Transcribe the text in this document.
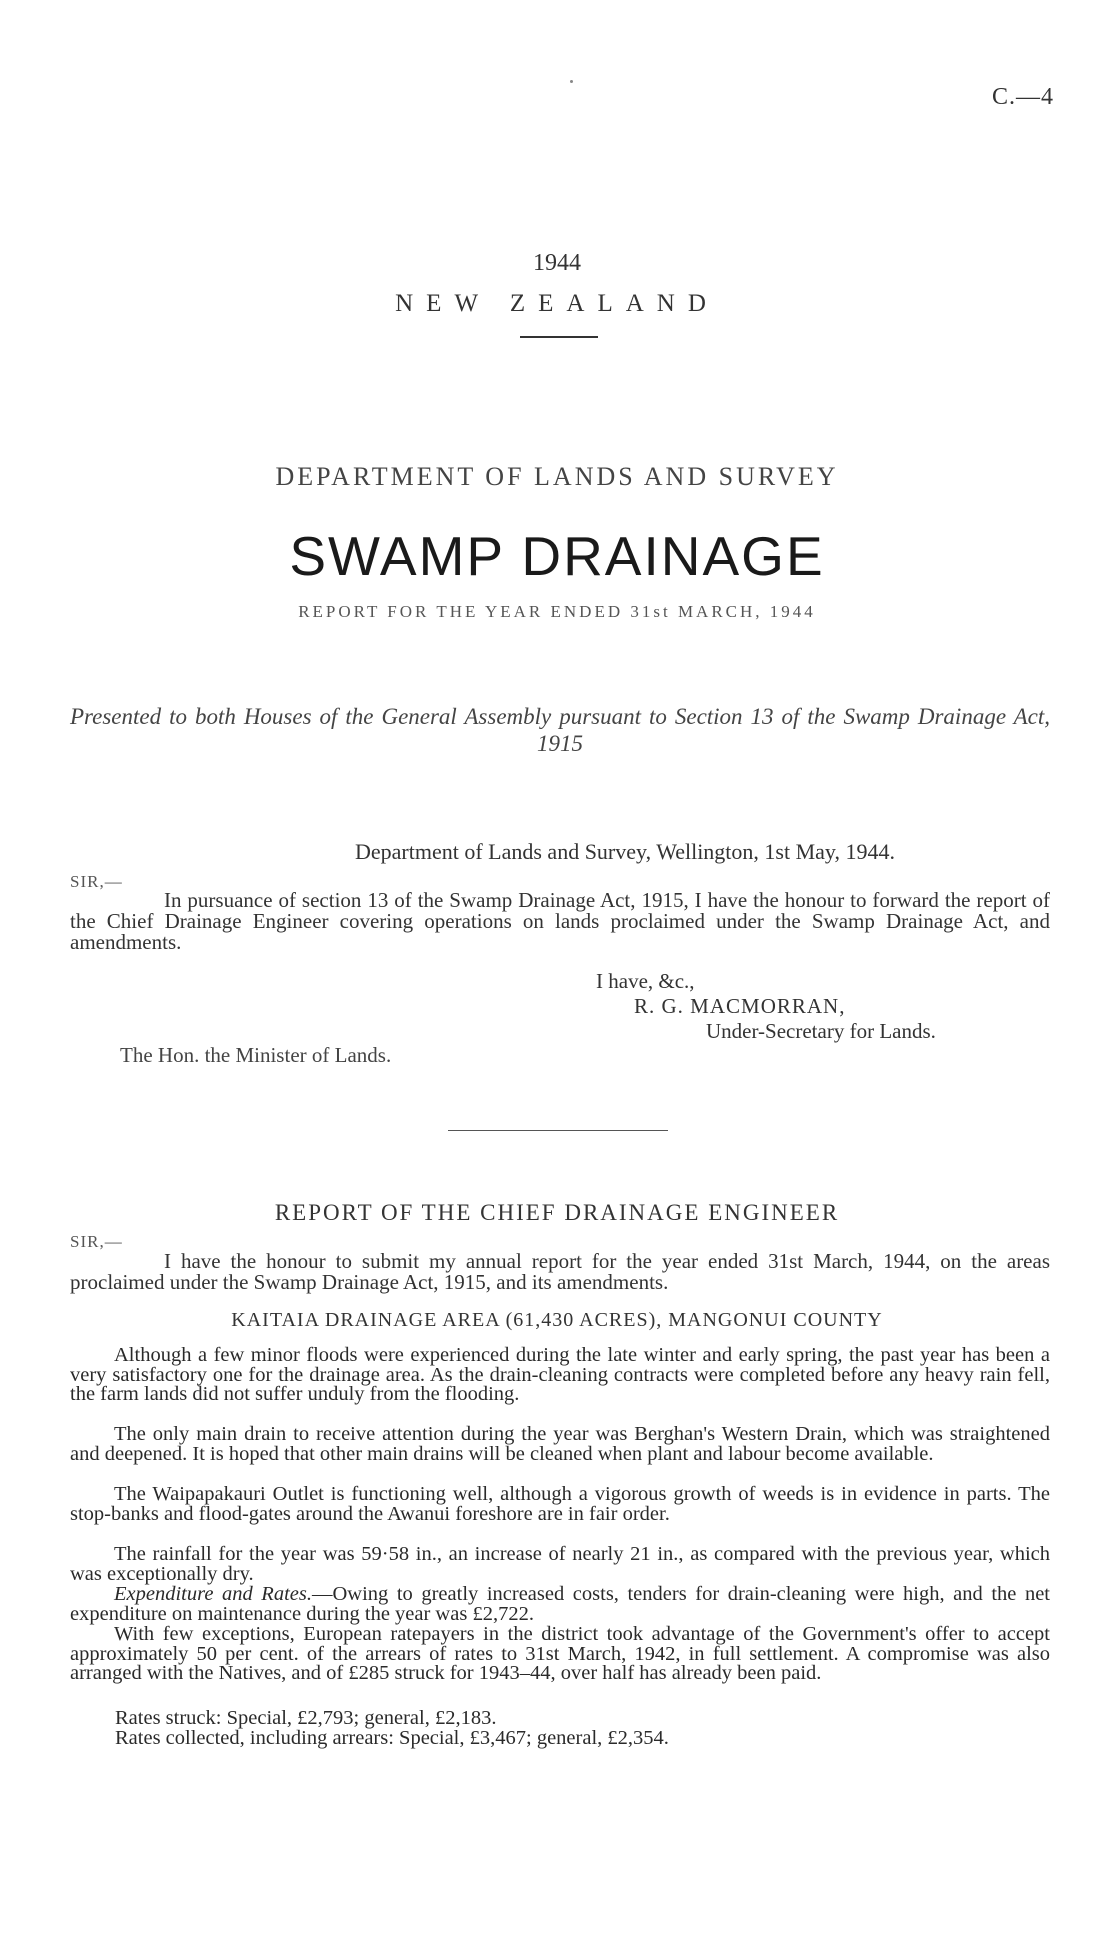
C.—4
1944
NEW ZEALAND
DEPARTMENT OF LANDS AND SURVEY
SWAMP DRAINAGE
REPORT FOR THE YEAR ENDED 31st MARCH, 1944
Presented to both Houses of the General Assembly pursuant to Section 13 of the Swamp Drainage Act, 1915
Department of Lands and Survey, Wellington, 1st May, 1944.
SIR,—
In pursuance of section 13 of the Swamp Drainage Act, 1915, I have the honour to forward the report of the Chief Drainage Engineer covering operations on lands proclaimed under the Swamp Drainage Act, and amendments.
I have, &c.,
R. G. MACMORRAN,
Under-Secretary for Lands.
The Hon. the Minister of Lands.
REPORT OF THE CHIEF DRAINAGE ENGINEER
SIR,—
I have the honour to submit my annual report for the year ended 31st March, 1944, on the areas proclaimed under the Swamp Drainage Act, 1915, and its amendments.
KAITAIA DRAINAGE AREA (61,430 ACRES), MANGONUI COUNTY
Although a few minor floods were experienced during the late winter and early spring, the past year has been a very satisfactory one for the drainage area. As the drain-cleaning contracts were completed before any heavy rain fell, the farm lands did not suffer unduly from the flooding.
The only main drain to receive attention during the year was Berghan's Western Drain, which was straightened and deepened. It is hoped that other main drains will be cleaned when plant and labour become available.
The Waipapakauri Outlet is functioning well, although a vigorous growth of weeds is in evidence in parts. The stop-banks and flood-gates around the Awanui foreshore are in fair order.
The rainfall for the year was 59·58 in., an increase of nearly 21 in., as compared with the previous year, which was exceptionally dry.
Expenditure and Rates.—Owing to greatly increased costs, tenders for drain-cleaning were high, and the net expenditure on maintenance during the year was £2,722.
With few exceptions, European ratepayers in the district took advantage of the Government's offer to accept approximately 50 per cent. of the arrears of rates to 31st March, 1942, in full settlement. A compromise was also arranged with the Natives, and of £285 struck for 1943–44, over half has already been paid.
Rates struck: Special, £2,793; general, £2,183.
Rates collected, including arrears: Special, £3,467; general, £2,354.
